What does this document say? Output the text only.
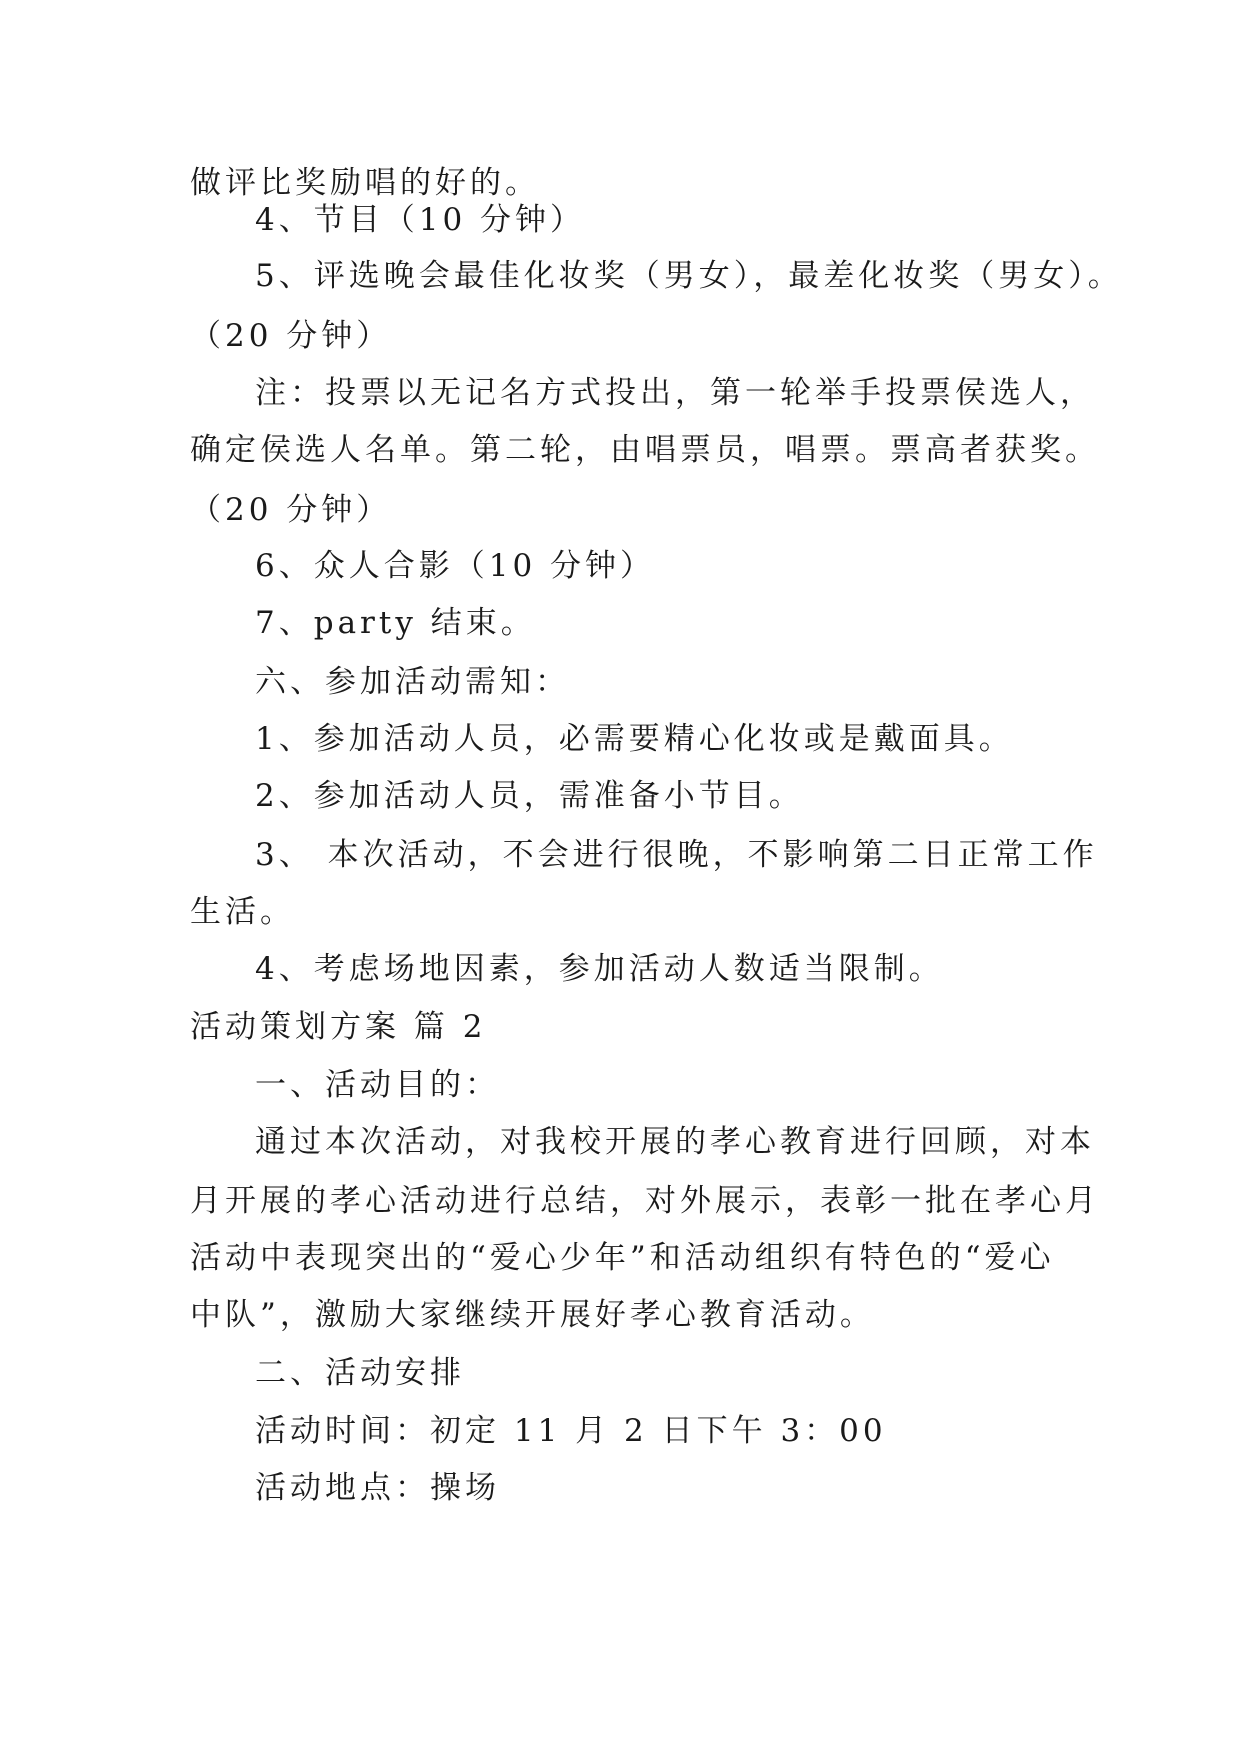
做评比奖励唱的好的。
4、节目（10 分钟）
5、评选晚会最佳化妆奖（男女），最差化妆奖（男女）。
（20 分钟）
注：投票以无记名方式投出，第一轮举手投票侯选人，
确定侯选人名单。第二轮，由唱票员，唱票。票高者获奖。
（20 分钟）
6、众人合影（10 分钟）
7、party 结束。
六、参加活动需知：
1、参加活动人员，必需要精心化妆或是戴面具。
2、参加活动人员，需准备小节目。
3、 本次活动，不会进行很晚，不影响第二日正常工作
生活。
4、考虑场地因素，参加活动人数适当限制。
活动策划方案 篇 2
一、活动目的：
通过本次活动，对我校开展的孝心教育进行回顾，对本
月开展的孝心活动进行总结，对外展示，表彰一批在孝心月
活动中表现突出的“爱心少年”和活动组织有特色的“爱心
中队”，激励大家继续开展好孝心教育活动。
二、活动安排
活动时间：初定 11 月 2 日下午 3：00
活动地点：操场
